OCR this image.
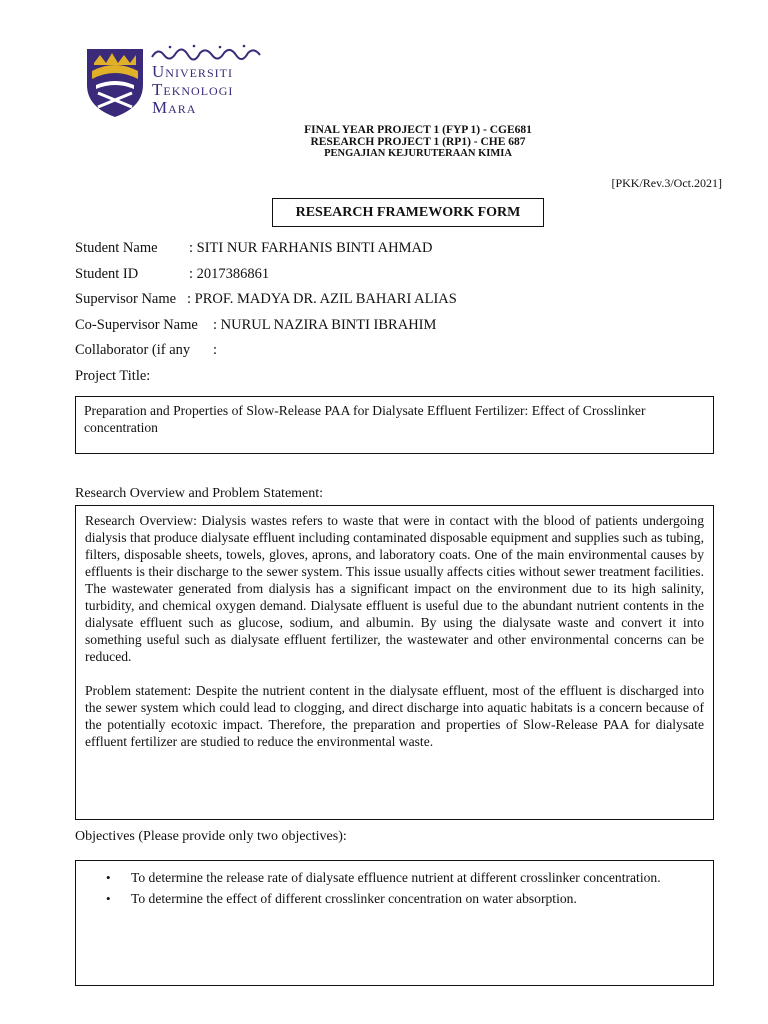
Universiti
Teknologi
Mara
FINAL YEAR PROJECT 1 (FYP 1) - CGE681
RESEARCH PROJECT 1 (RP1) - CHE 687
PENGAJIAN KEJURUTERAAN KIMIA
[PKK/Rev.3/Oct.2021]
RESEARCH FRAMEWORK FORM
Student Name : SITI NUR FARHANIS BINTI AHMAD
Student ID	: 2017386861
Supervisor Name : PROF. MADYA DR. AZIL BAHARI ALIAS
Co-Supervisor Name : NURUL NAZIRA BINTI IBRAHIM
Collaborator (if any :
Project Title:
Preparation and Properties of Slow-Release PAA for Dialysate Effluent Fertilizer: Effect of Crosslinker concentration
Research Overview and Problem Statement:

Research Overview: Dialysis wastes refers to waste that were in contact with the blood of patients undergoing dialysis that produce dialysate effluent including contaminated disposable equipment and supplies such as tubing, filters, disposable sheets, towels, gloves, aprons, and laboratory coats. One of the main environmental causes by effluents is their discharge to the sewer system. This issue usually affects cities without sewer treatment facilities. The wastewater generated from dialysis has a significant impact on the environment due to its high salinity, turbidity, and chemical oxygen demand. Dialysate effluent is useful due to the abundant nutrient contents in the dialysate effluent such as glucose, sodium, and albumin. By using the dialysate waste and convert it into something useful such as dialysate effluent fertilizer, the wastewater and other environmental concerns can be reduced.

Problem statement: Despite the nutrient content in the dialysate effluent, most of the effluent is discharged into the sewer system which could lead to clogging, and direct discharge into aquatic habitats is a concern because of the potentially ecotoxic impact. Therefore, the preparation and properties of Slow-Release PAA for dialysate effluent fertilizer are studied to reduce the environmental waste.

Objectives (Please provide only two objectives):
• To determine the release rate of dialysate effluence nutrient at different crosslinker concentration.
• To determine the effect of different crosslinker concentration on water absorption.
